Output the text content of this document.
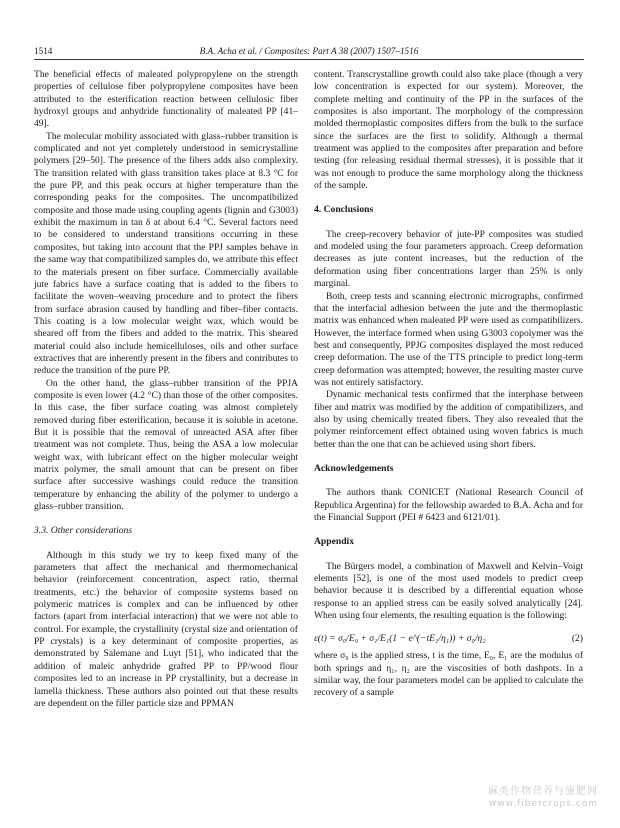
1514	B.A. Acha et al. / Composites: Part A 38 (2007) 1507–1516

The beneficial effects of maleated polypropylene on the strength properties of cellulose fiber polypropylene composites have been attributed to the esterification reaction between cellulosic fiber hydroxyl groups and anhydride functionality of maleated PP [41–49].

The molecular mobility associated with glass–rubber transition is complicated and not yet completely understood in semicrystalline polymers [29–50]. The presence of the fibers adds also complexity. The transition related with glass transition takes place at 8.3 °C for the pure PP, and this peak occurs at higher temperature than the corresponding peaks for the composites. The uncompatibilized composite and those made using coupling agents (lignin and G3003) exhibit the maximum in tan δ at about 6.4 °C. Several factors need to be considered to understand transitions occurring in these composites, but taking into account that the PPJ samples behave in the same way that compatibilized samples do, we attribute this effect to the materials present on fiber surface. Commercially available jute fabrics have a surface coating that is added to the fibers to facilitate the woven–weaving procedure and to protect the fibers from surface abrasion caused by handling and fiber–fiber contacts. This coating is a low molecular weight wax, which would be sheared off from the fibers and added to the matrix. This sheared material could also include hemicelluloses, oils and other surface extractives that are inherently present in the fibers and contributes to reduce the transition of the pure PP.

On the other hand, the glass–rubber transition of the PPJA composite is even lower (4.2 °C) than those of the other composites. In this case, the fiber surface coating was almost completely removed during fiber esterification, because it is soluble in acetone. But it is possible that the removal of unreacted ASA after fiber treatment was not complete. Thus, being the ASA a low molecular weight wax, with lubricant effect on the higher molecular weight matrix polymer, the small amount that can be present on fiber surface after successive washings could reduce the transition temperature by enhancing the ability of the polymer to undergo a glass–rubber transition.

3.3. Other considerations

Although in this study we try to keep fixed many of the parameters that affect the mechanical and thermomechanical behavior (reinforcement concentration, aspect ratio, thermal treatments, etc.) the behavior of composite systems based on polymeric matrices is complex and can be influenced by other factors (apart from interfacial interaction) that we were not able to control. For example, the crystallinity (crystal size and orientation of PP crystals) is a key determinant of composite properties, as demonstrated by Salemane and Luyt [51], who indicated that the addition of maleic anhydride grafted PP to PP/wood flour composites led to an increase in PP crystallinity, but a decrease in lamella thickness. These authors also pointed out that these results are dependent on the filler particle size and PPMAN

content. Transcrystalline growth could also take place (though a very low concentration is expected for our system). Moreover, the complete melting and continuity of the PP in the surfaces of the composites is also important. The morphology of the compression molded thermoplastic composites differs from the bulk to the surface since the surfaces are the first to solidify. Although a thermal treatment was applied to the composites after preparation and before testing (for releasing residual thermal stresses), it is possible that it was not enough to produce the same morphology along the thickness of the sample.

4. Conclusions

The creep-recovery behavior of jute-PP composites was studied and modeled using the four parameters approach. Creep deformation decreases as jute content increases, but the reduction of the deformation using fiber concentrations larger than 25% is only marginal.

Both, creep tests and scanning electronic micrographs, confirmed that the interfacial adhesion between the jute and the thermoplastic matrix was enhanced when maleated PP were used as compatibilizers. However, the interface formed when using G3003 copolymer was the best and consequently, PPJG composites displayed the most reduced creep deformation. The use of the TTS principle to predict long-term creep deformation was attempted; however, the resulting master curve was not entirely satisfactory.

Dynamic mechanical tests confirmed that the interphase between fiber and matrix was modified by the addition of compatibilizers, and also by using chemically treated fibers. They also revealed that the polymer reinforcement effect obtained using woven fabrics is much better than the one that can be achieved using short fibers.

Acknowledgements

The authors thank CONICET (National Research Council of Republica Argentina) for the fellowship awarded to B.A. Acha and for the Financial Support (PEI # 6423 and 6121/01).

Appendix

The Bürgers model, a combination of Maxwell and Kelvin–Voigt elements [52], is one of the most used models to predict creep behavior because it is described by a differential equation whose response to an applied stress can be easily solved analytically [24]. When using four elements, the resulting equation is the following:

ε(t) = σ₀/E₀ + σ₁/E₁(1 − e^(−tE₁/η₁)) + σ₀/η₂	(2)

where σ₀ is the applied stress, t is the time, E₀, E₁ are the modulus of both springs and η₁, η₂ are the viscosities of both dashpots. In a similar way, the four parameters model can be applied to calculate the recovery of a sample

麻类作物营养与施肥网
www.fibercrops.com
